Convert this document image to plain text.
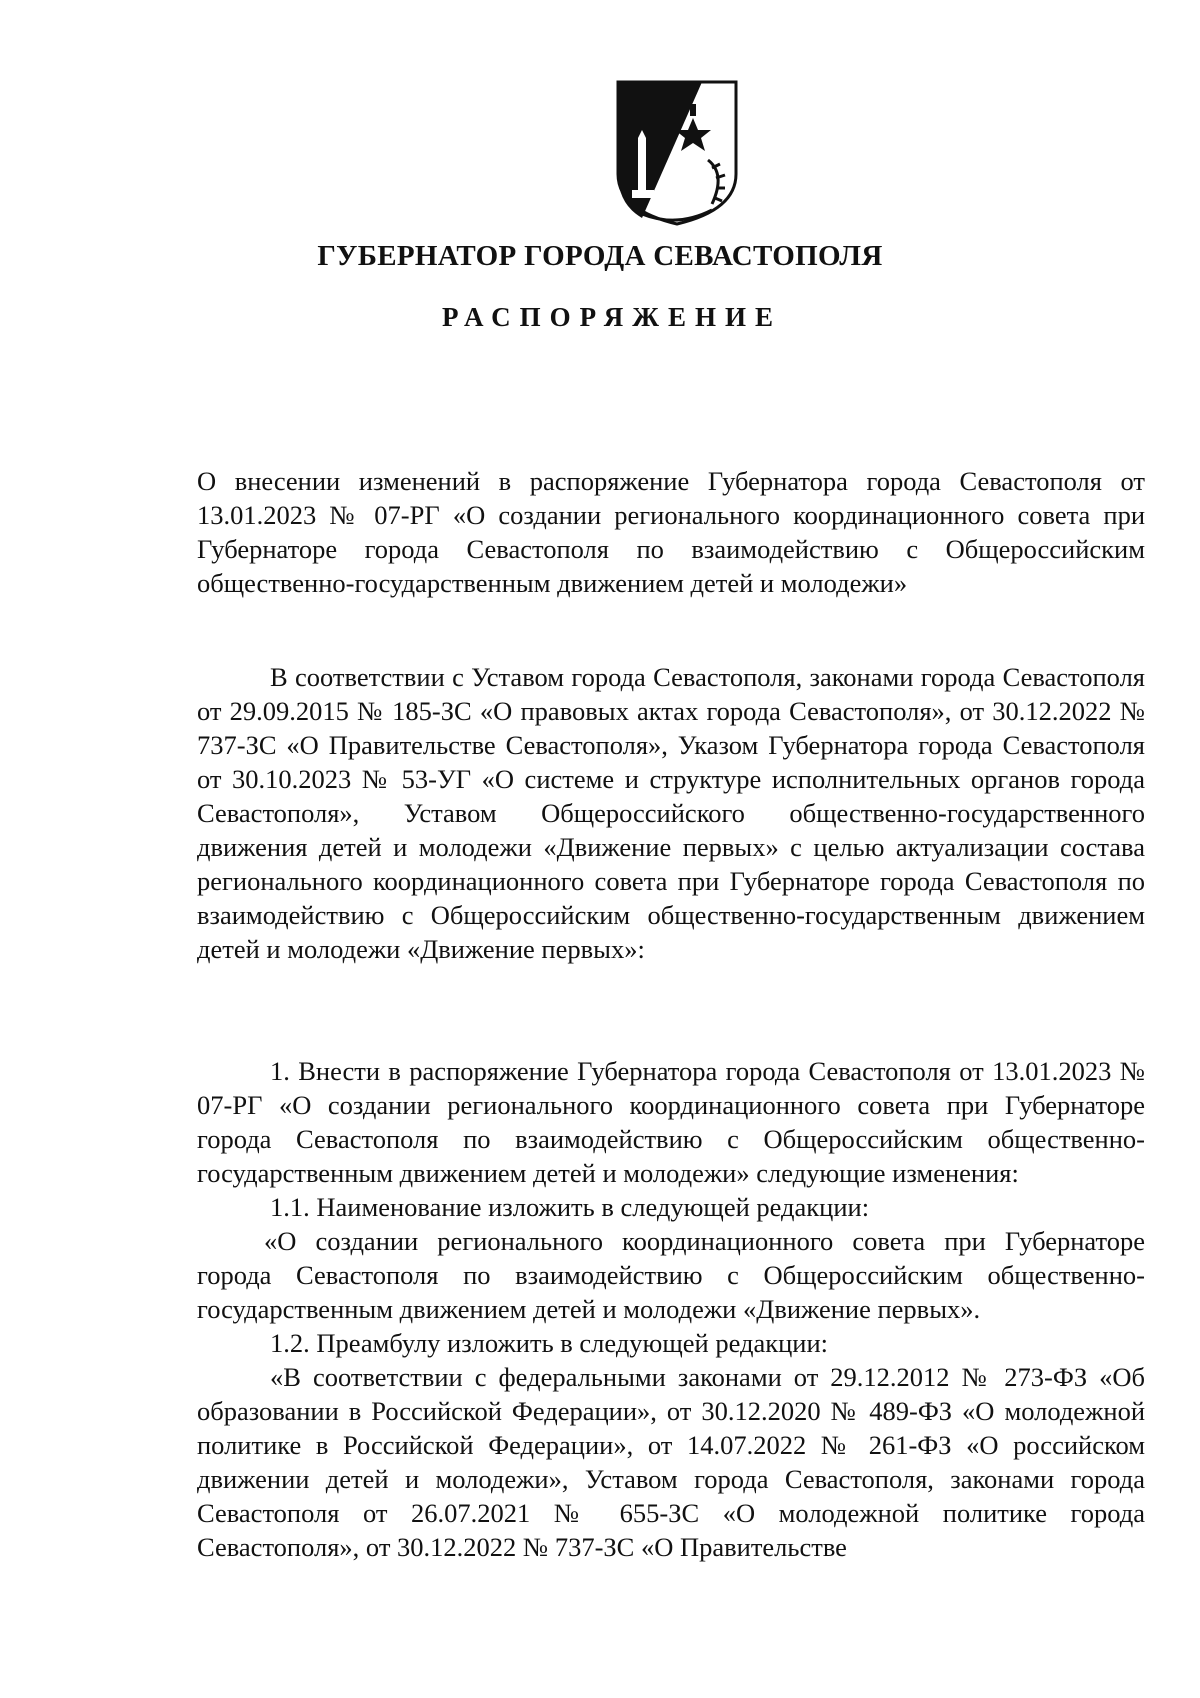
ГУБЕРНАТОР ГОРОДА СЕВАСТОПОЛЯ
РАСПОРЯЖЕНИЕ
О внесении изменений в распоряжение Губернатора города Севастополя от 13.01.2023 № 07-РГ «О создании регионального координационного совета при Губернаторе города Севастополя по взаимодействию с Общероссийским общественно-государственным движением детей и молодежи»
В соответствии с Уставом города Севастополя, законами города Севастополя от 29.09.2015 № 185-ЗС «О правовых актах города Севастополя», от 30.12.2022 № 737-ЗС «О Правительстве Севастополя», Указом Губернатора города Севастополя от 30.10.2023 № 53-УГ «О системе и структуре исполнительных органов города Севастополя», Уставом Общероссийского общественно-государственного движения детей и молодежи «Движение первых» с целью актуализации состава регионального координационного совета при Губернаторе города Севастополя по взаимодействию с Общероссийским общественно-государственным движением детей и молодежи «Движение первых»:

1. Внести в распоряжение Губернатора города Севастополя от 13.01.2023 № 07-РГ «О создании регионального координационного совета при Губернаторе города Севастополя по взаимодействию с Общероссийским общественно-государственным движением детей и молодежи» следующие изменения:

1.1. Наименование изложить в следующей редакции:

«О создании регионального координационного совета при Губернаторе города Севастополя по взаимодействию с Общероссийским общественно-государственным движением детей и молодежи «Движение первых».

1.2. Преамбулу изложить в следующей редакции:

«В соответствии с федеральными законами от 29.12.2012 № 273-ФЗ «Об образовании в Российской Федерации», от 30.12.2020 № 489-ФЗ «О молодежной политике в Российской Федерации», от 14.07.2022 № 261-ФЗ «О российском движении детей и молодежи», Уставом города Севастополя, законами города Севастополя от 26.07.2021 № 655-ЗС «О молодежной политике города Севастополя», от 30.12.2022 № 737-ЗС «О Правительстве
